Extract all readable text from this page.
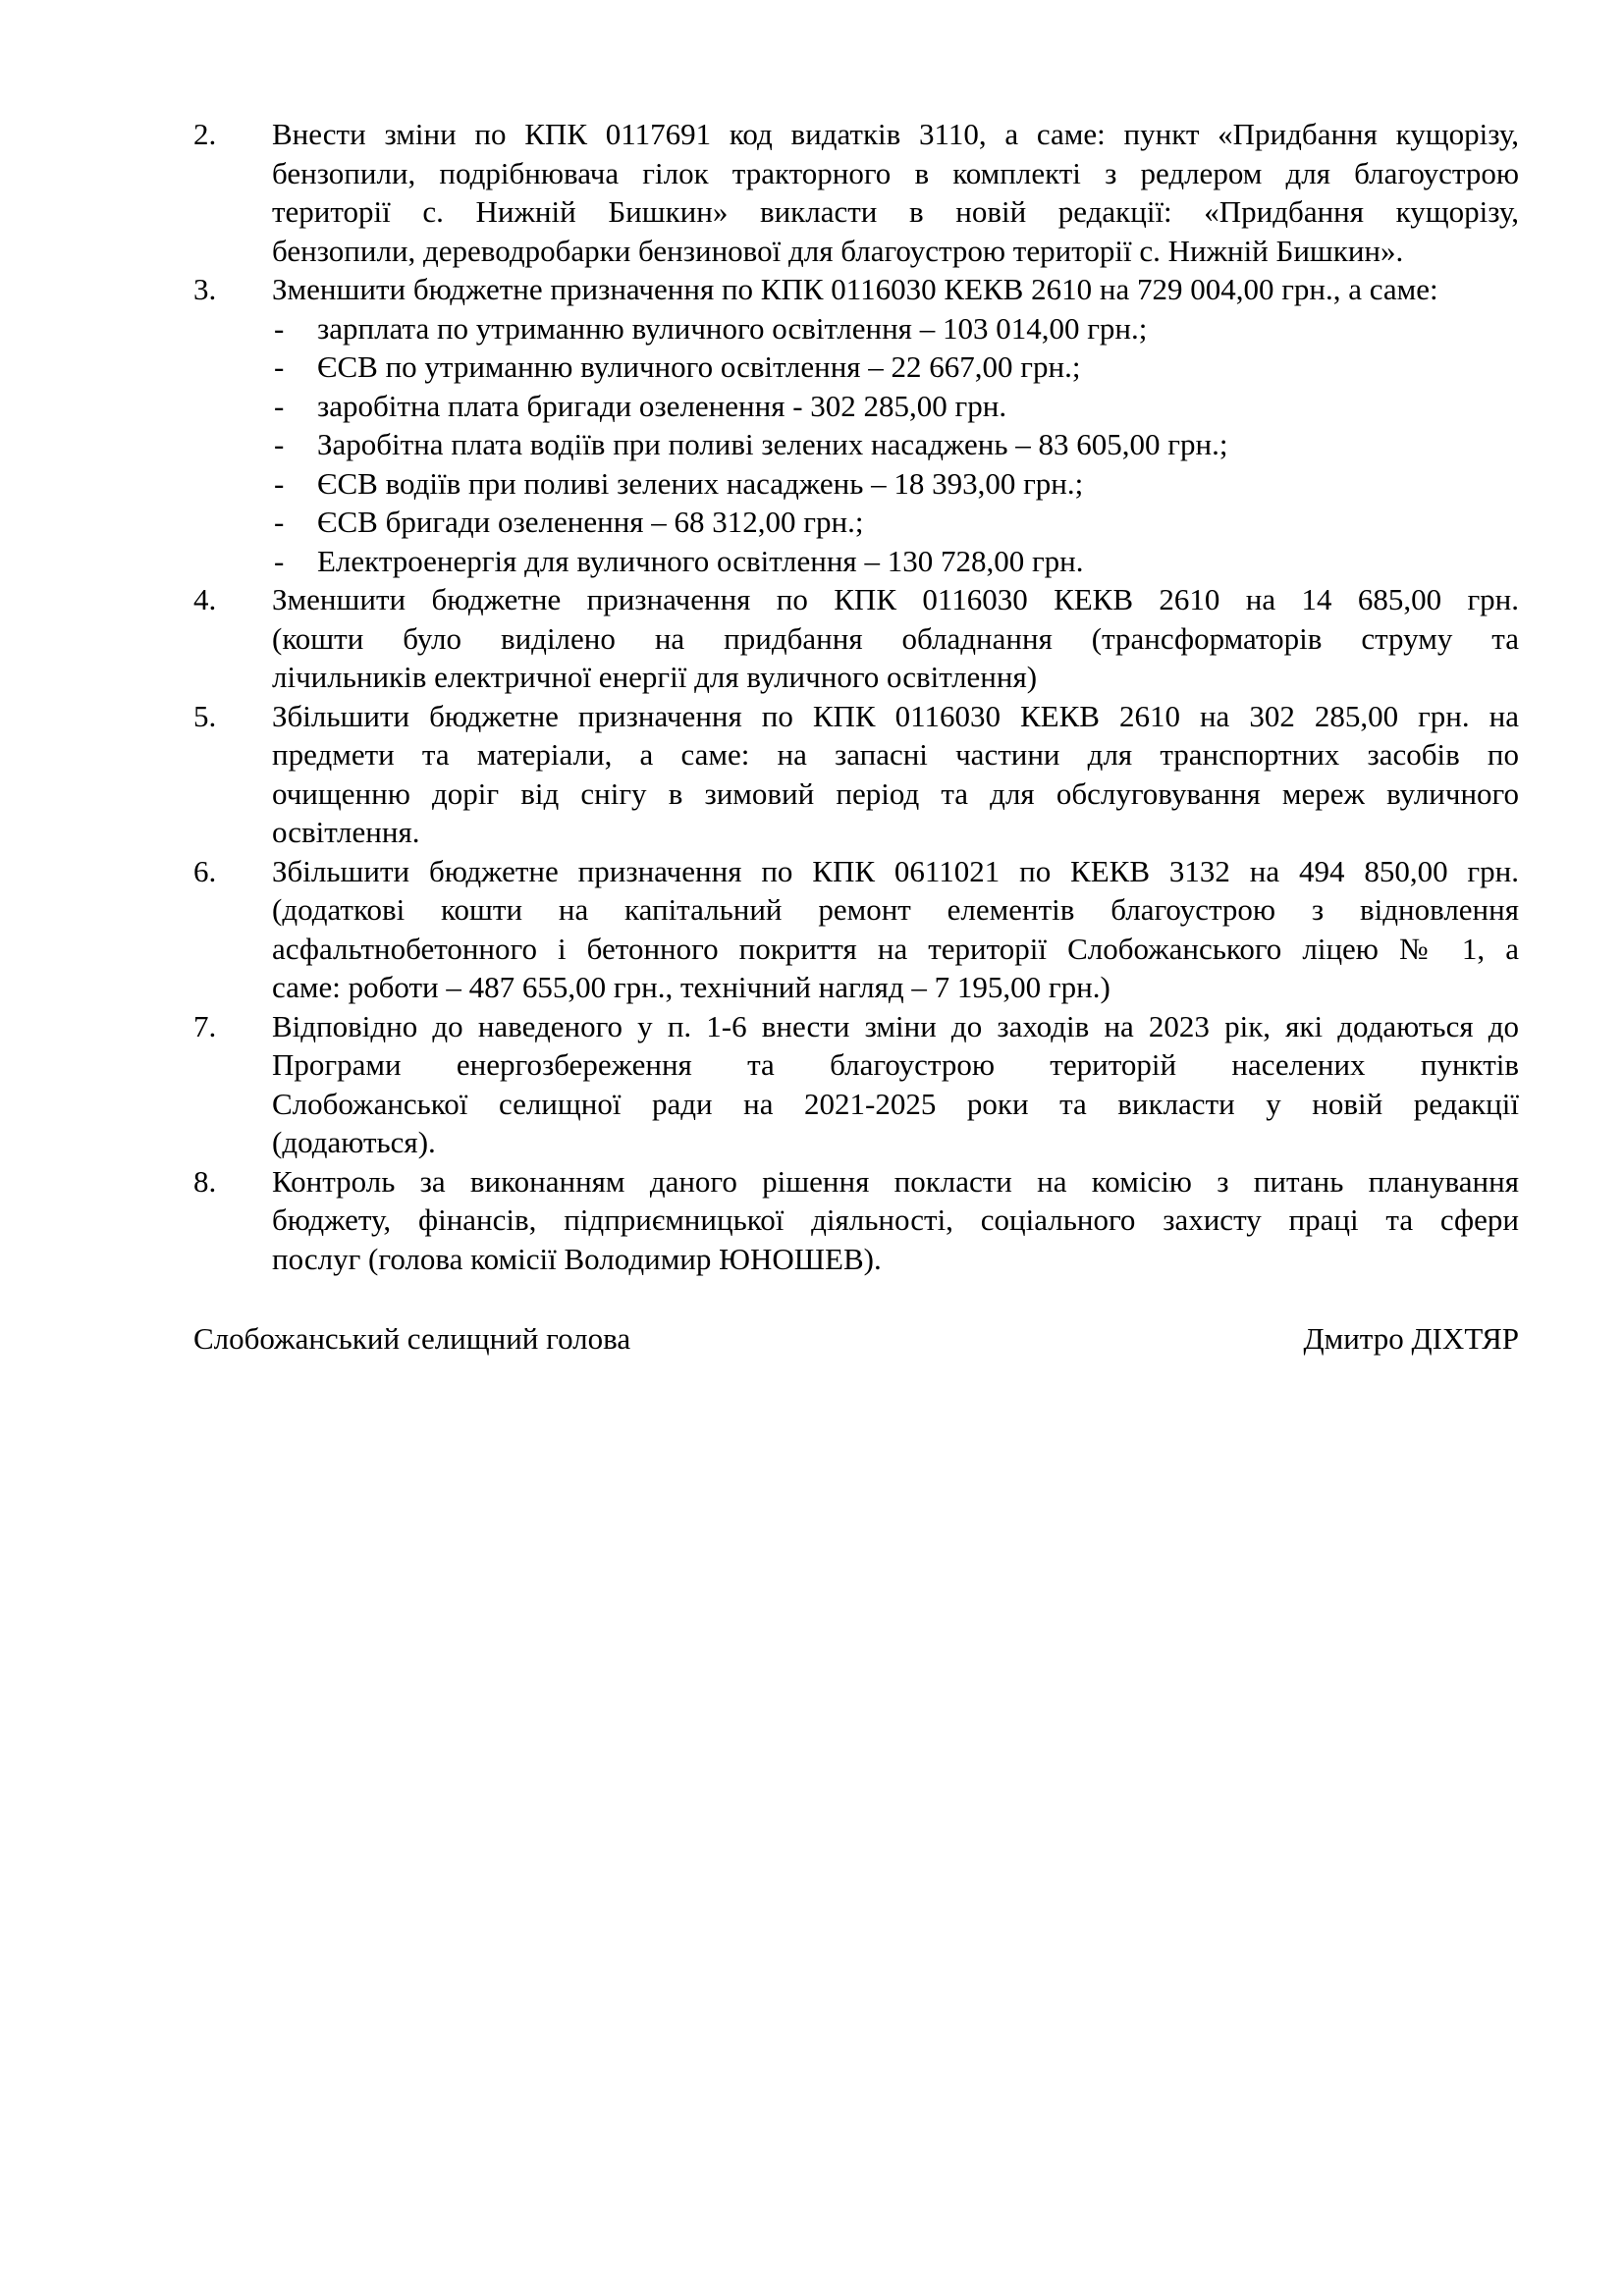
2.	Внести зміни по КПК 0117691 код видатків 3110, а саме: пункт «Придбання кущорізу,
бензопили, подрібнювача гілок тракторного в комплекті з редлером для благоустрою
території с. Нижній Бишкин» викласти в новій редакції: «Придбання кущорізу,
бензопили, дереводробарки бензинової для благоустрою території с. Нижній Бишкин».
3.	Зменшити бюджетне призначення по КПК 0116030 КЕКВ 2610 на 729 004,00 грн., а саме:
- зарплата по утриманню вуличного освітлення – 103 014,00 грн.;
- ЄСВ по утриманню вуличного освітлення – 22 667,00 грн.;
- заробітна плата бригади озеленення - 302 285,00 грн.
- Заробітна плата водіїв при поливі зелених насаджень – 83 605,00 грн.;
- ЄСВ водіїв при поливі зелених насаджень – 18 393,00 грн.;
- ЄСВ бригади озеленення – 68 312,00 грн.;
- Електроенергія для вуличного освітлення – 130 728,00 грн.
4.	Зменшити бюджетне призначення по КПК 0116030 КЕКВ 2610 на 14 685,00 грн.
(кошти було виділено на придбання обладнання (трансформаторів струму та
лічильників електричної енергії для вуличного освітлення)
5.	Збільшити бюджетне призначення по КПК 0116030 КЕКВ 2610 на 302 285,00 грн. на
предмети та матеріали, а саме: на запасні частини для транспортних засобів по
очищенню доріг від снігу в зимовий період та для обслуговування мереж вуличного
освітлення.
6.	Збільшити бюджетне призначення по КПК 0611021 по КЕКВ 3132 на 494 850,00 грн.
(додаткові кошти на капітальний ремонт елементів благоустрою з відновлення
асфальтнобетонного і бетонного покриття на території Слобожанського ліцею № 1, а
саме: роботи – 487 655,00 грн., технічний нагляд – 7 195,00 грн.)
7.	Відповідно до наведеного у п. 1-6 внести зміни до заходів на 2023 рік, які додаються до
Програми енергозбереження та благоустрою територій населених пунктів
Слобожанської селищної ради на 2021-2025 роки та викласти у новій редакції
(додаються).
8.	Контроль за виконанням даного рішення покласти на комісію з питань планування
бюджету, фінансів, підприємницької діяльності, соціального захисту праці та сфери
послуг (голова комісії Володимир ЮНОШЕВ).
Слобожанський селищний голова	Дмитро ДІХТЯР
